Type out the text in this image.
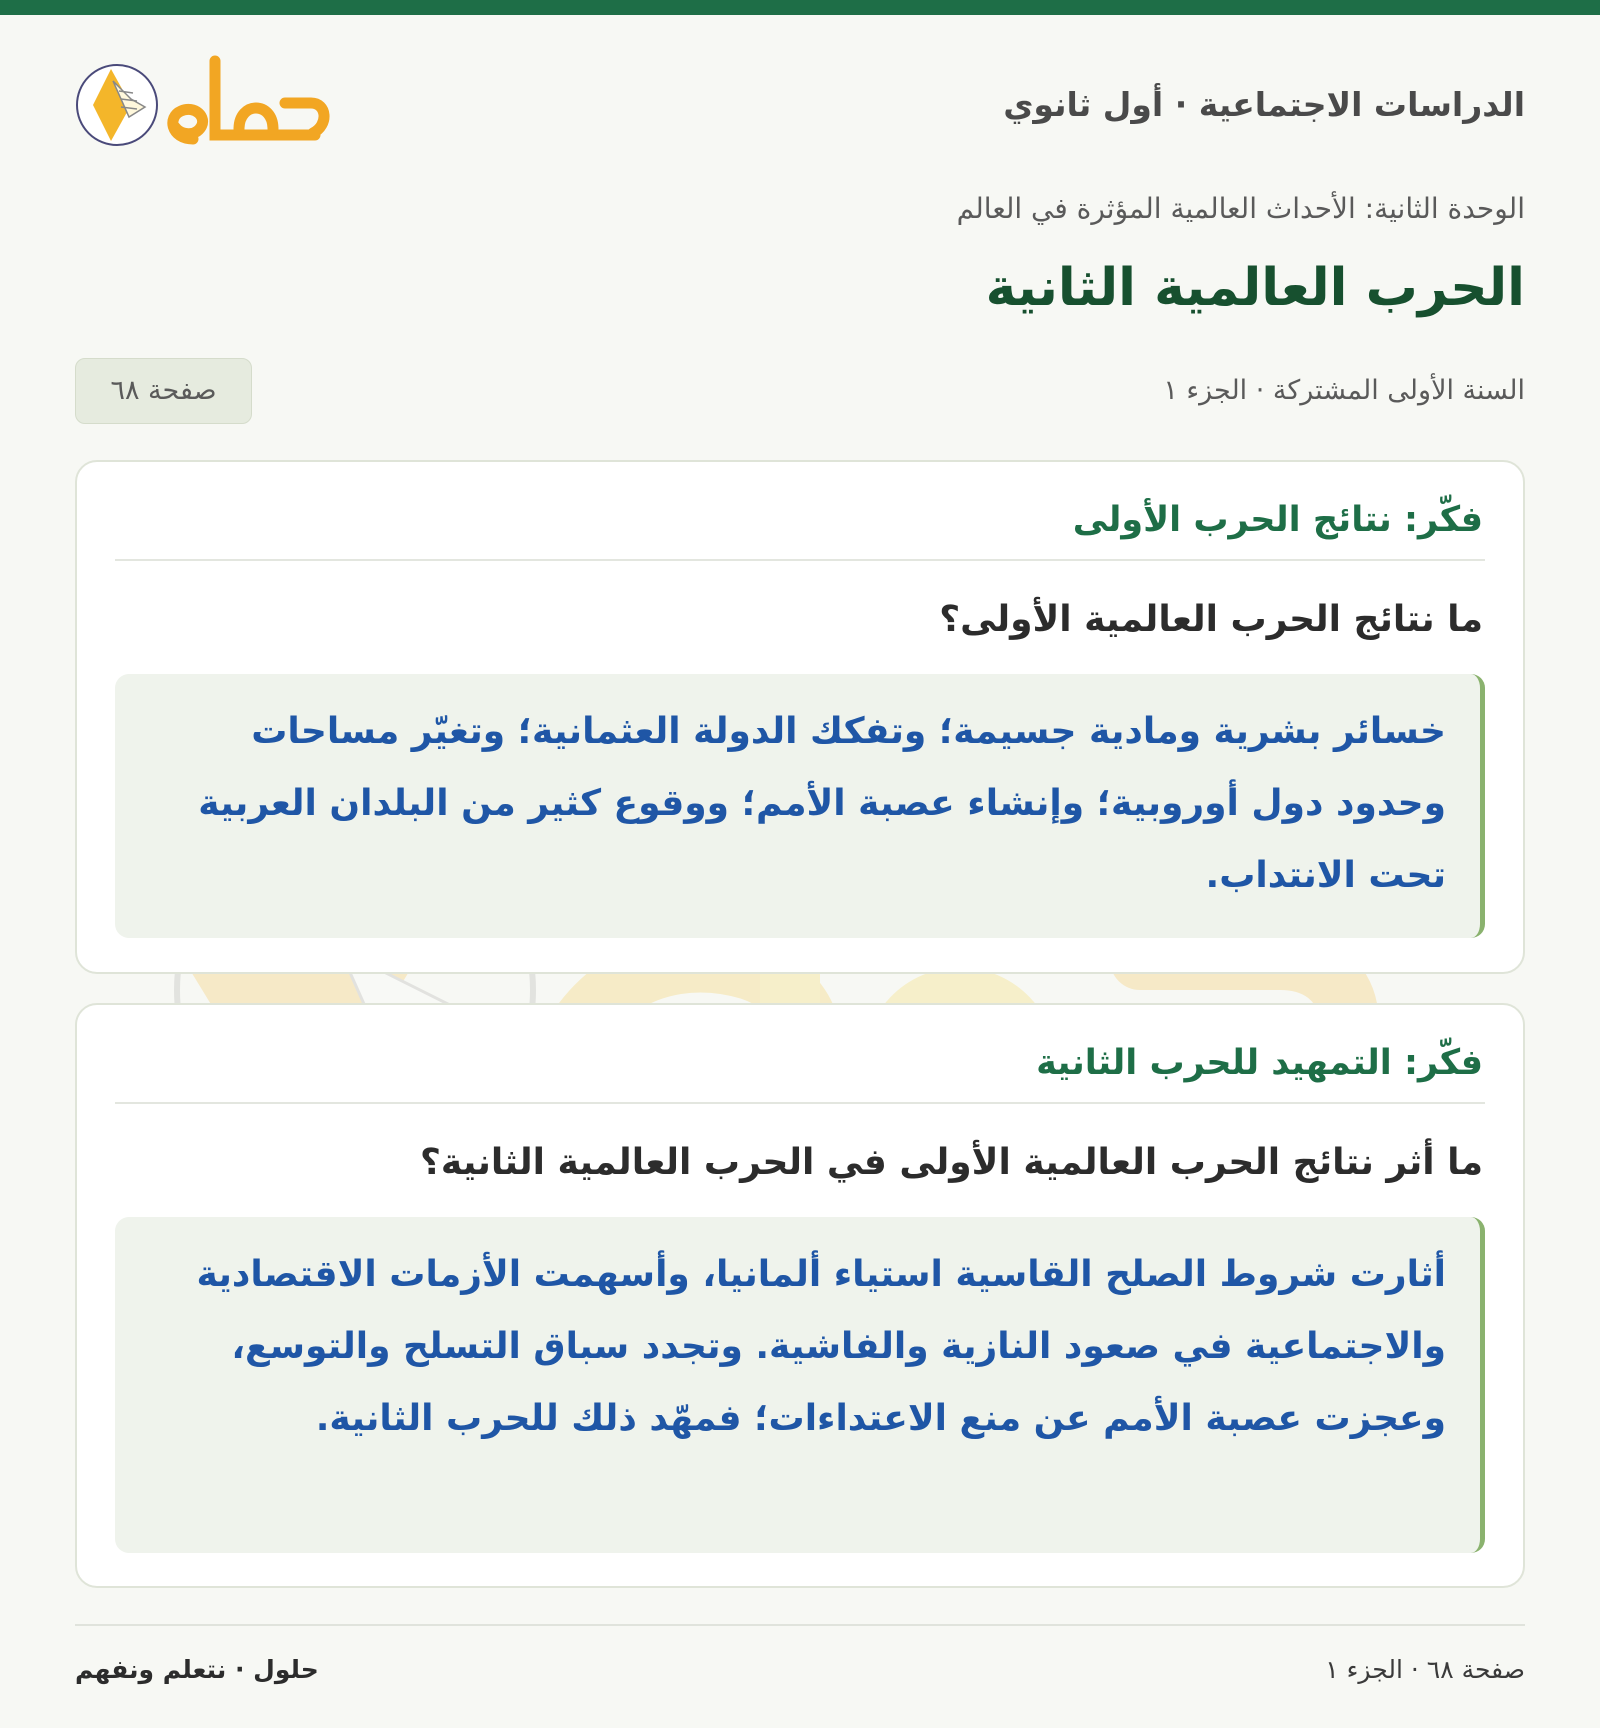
الدراسات الاجتماعية · أول ثانوي
الوحدة الثانية: الأحداث العالمية المؤثرة في العالم
الحرب العالمية الثانية
السنة الأولى المشتركة · الجزء ١
صفحة ٦٨
فكّر: نتائج الحرب الأولى
ما نتائج الحرب العالمية الأولى؟
خسائر بشرية ومادية جسيمة؛ وتفكك الدولة العثمانية؛ وتغيّر مساحات وحدود دول أوروبية؛ وإنشاء عصبة الأمم؛ ووقوع كثير من البلدان العربية تحت الانتداب.
فكّر: التمهيد للحرب الثانية
ما أثر نتائج الحرب العالمية الأولى في الحرب العالمية الثانية؟
أثارت شروط الصلح القاسية استياء ألمانيا، وأسهمت الأزمات الاقتصادية والاجتماعية في صعود النازية والفاشية. وتجدد سباق التسلح والتوسع، وعجزت عصبة الأمم عن منع الاعتداءات؛ فمهّد ذلك للحرب الثانية.
صفحة ٦٨ · الجزء ١
حلول · نتعلم ونفهم
